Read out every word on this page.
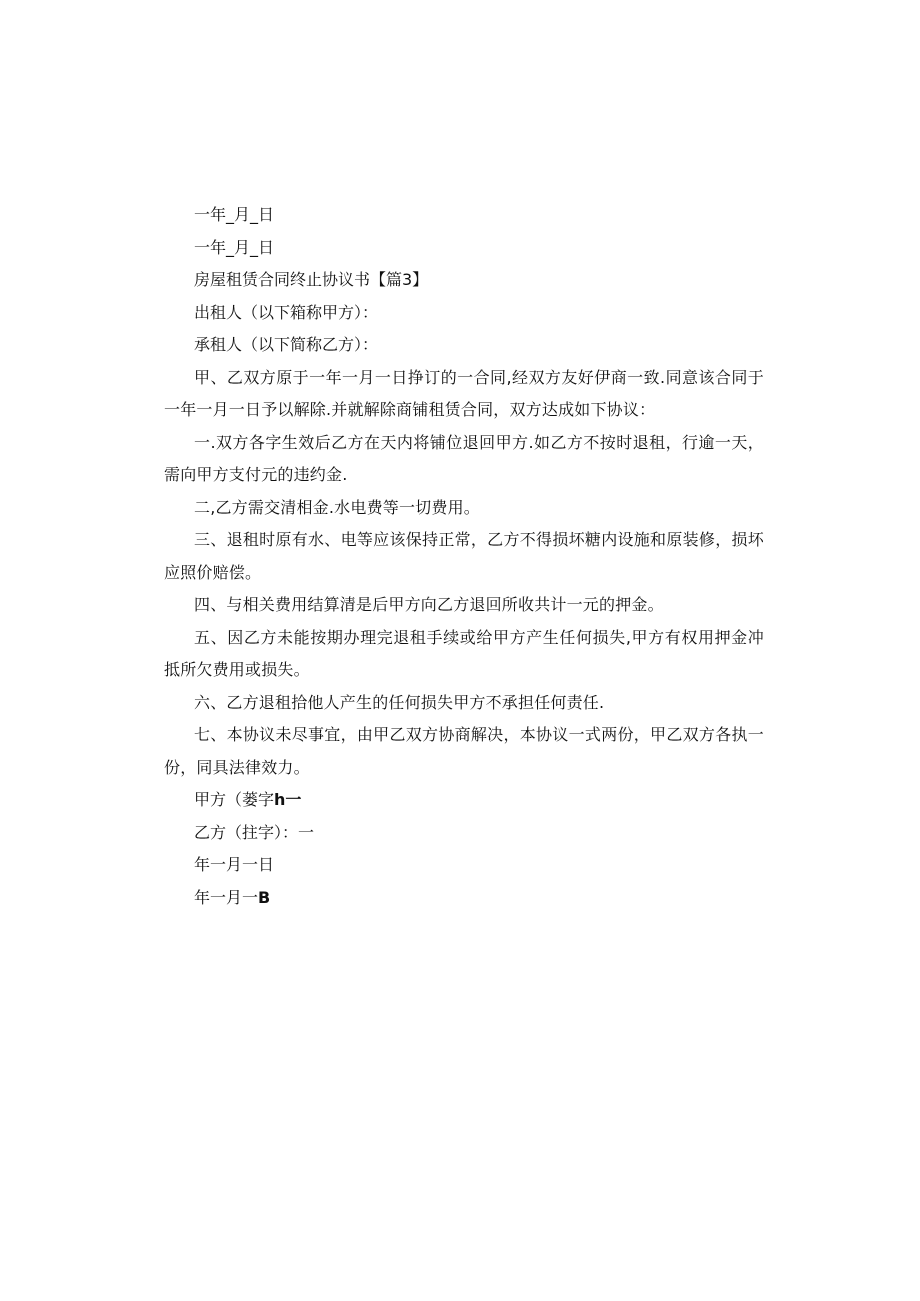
一年_月_日

一年_月_日

房屋租赁合同终止协议书【篇3】

出租人（以下箱称甲方）：

承租人（以下简称乙方）：

甲、乙双方原于一年一月一日挣订的一合同,经双方友好伊商一致.同意该合同于一年一月一日予以解除.并就解除商铺租赁合同，双方达成如下协议：

一.双方各字生效后乙方在天内将铺位退回甲方.如乙方不按时退租，行逾一天，需向甲方支付元的违约金.

二,乙方需交清相金.水电费等一切费用。

三、退租时原有水、电等应该保持正常，乙方不得损坏糖内设施和原装修，损坏应照价赔偿。

四、与相关费用结算清是后甲方向乙方退回所收共计一元的押金。

五、因乙方未能按期办理完退租手续或给甲方产生任何损失,甲方有权用押金冲抵所欠费用或损失。

六、乙方退租拾他人产生的任何损失甲方不承担任何责任.

七、本协议未尽事宜，由甲乙双方协商解决，本协议一式两份，甲乙双方各执一份，同具法律效力。

甲方（蒌字h一

乙方（拄字）：一

年一月一日

年一月一B
